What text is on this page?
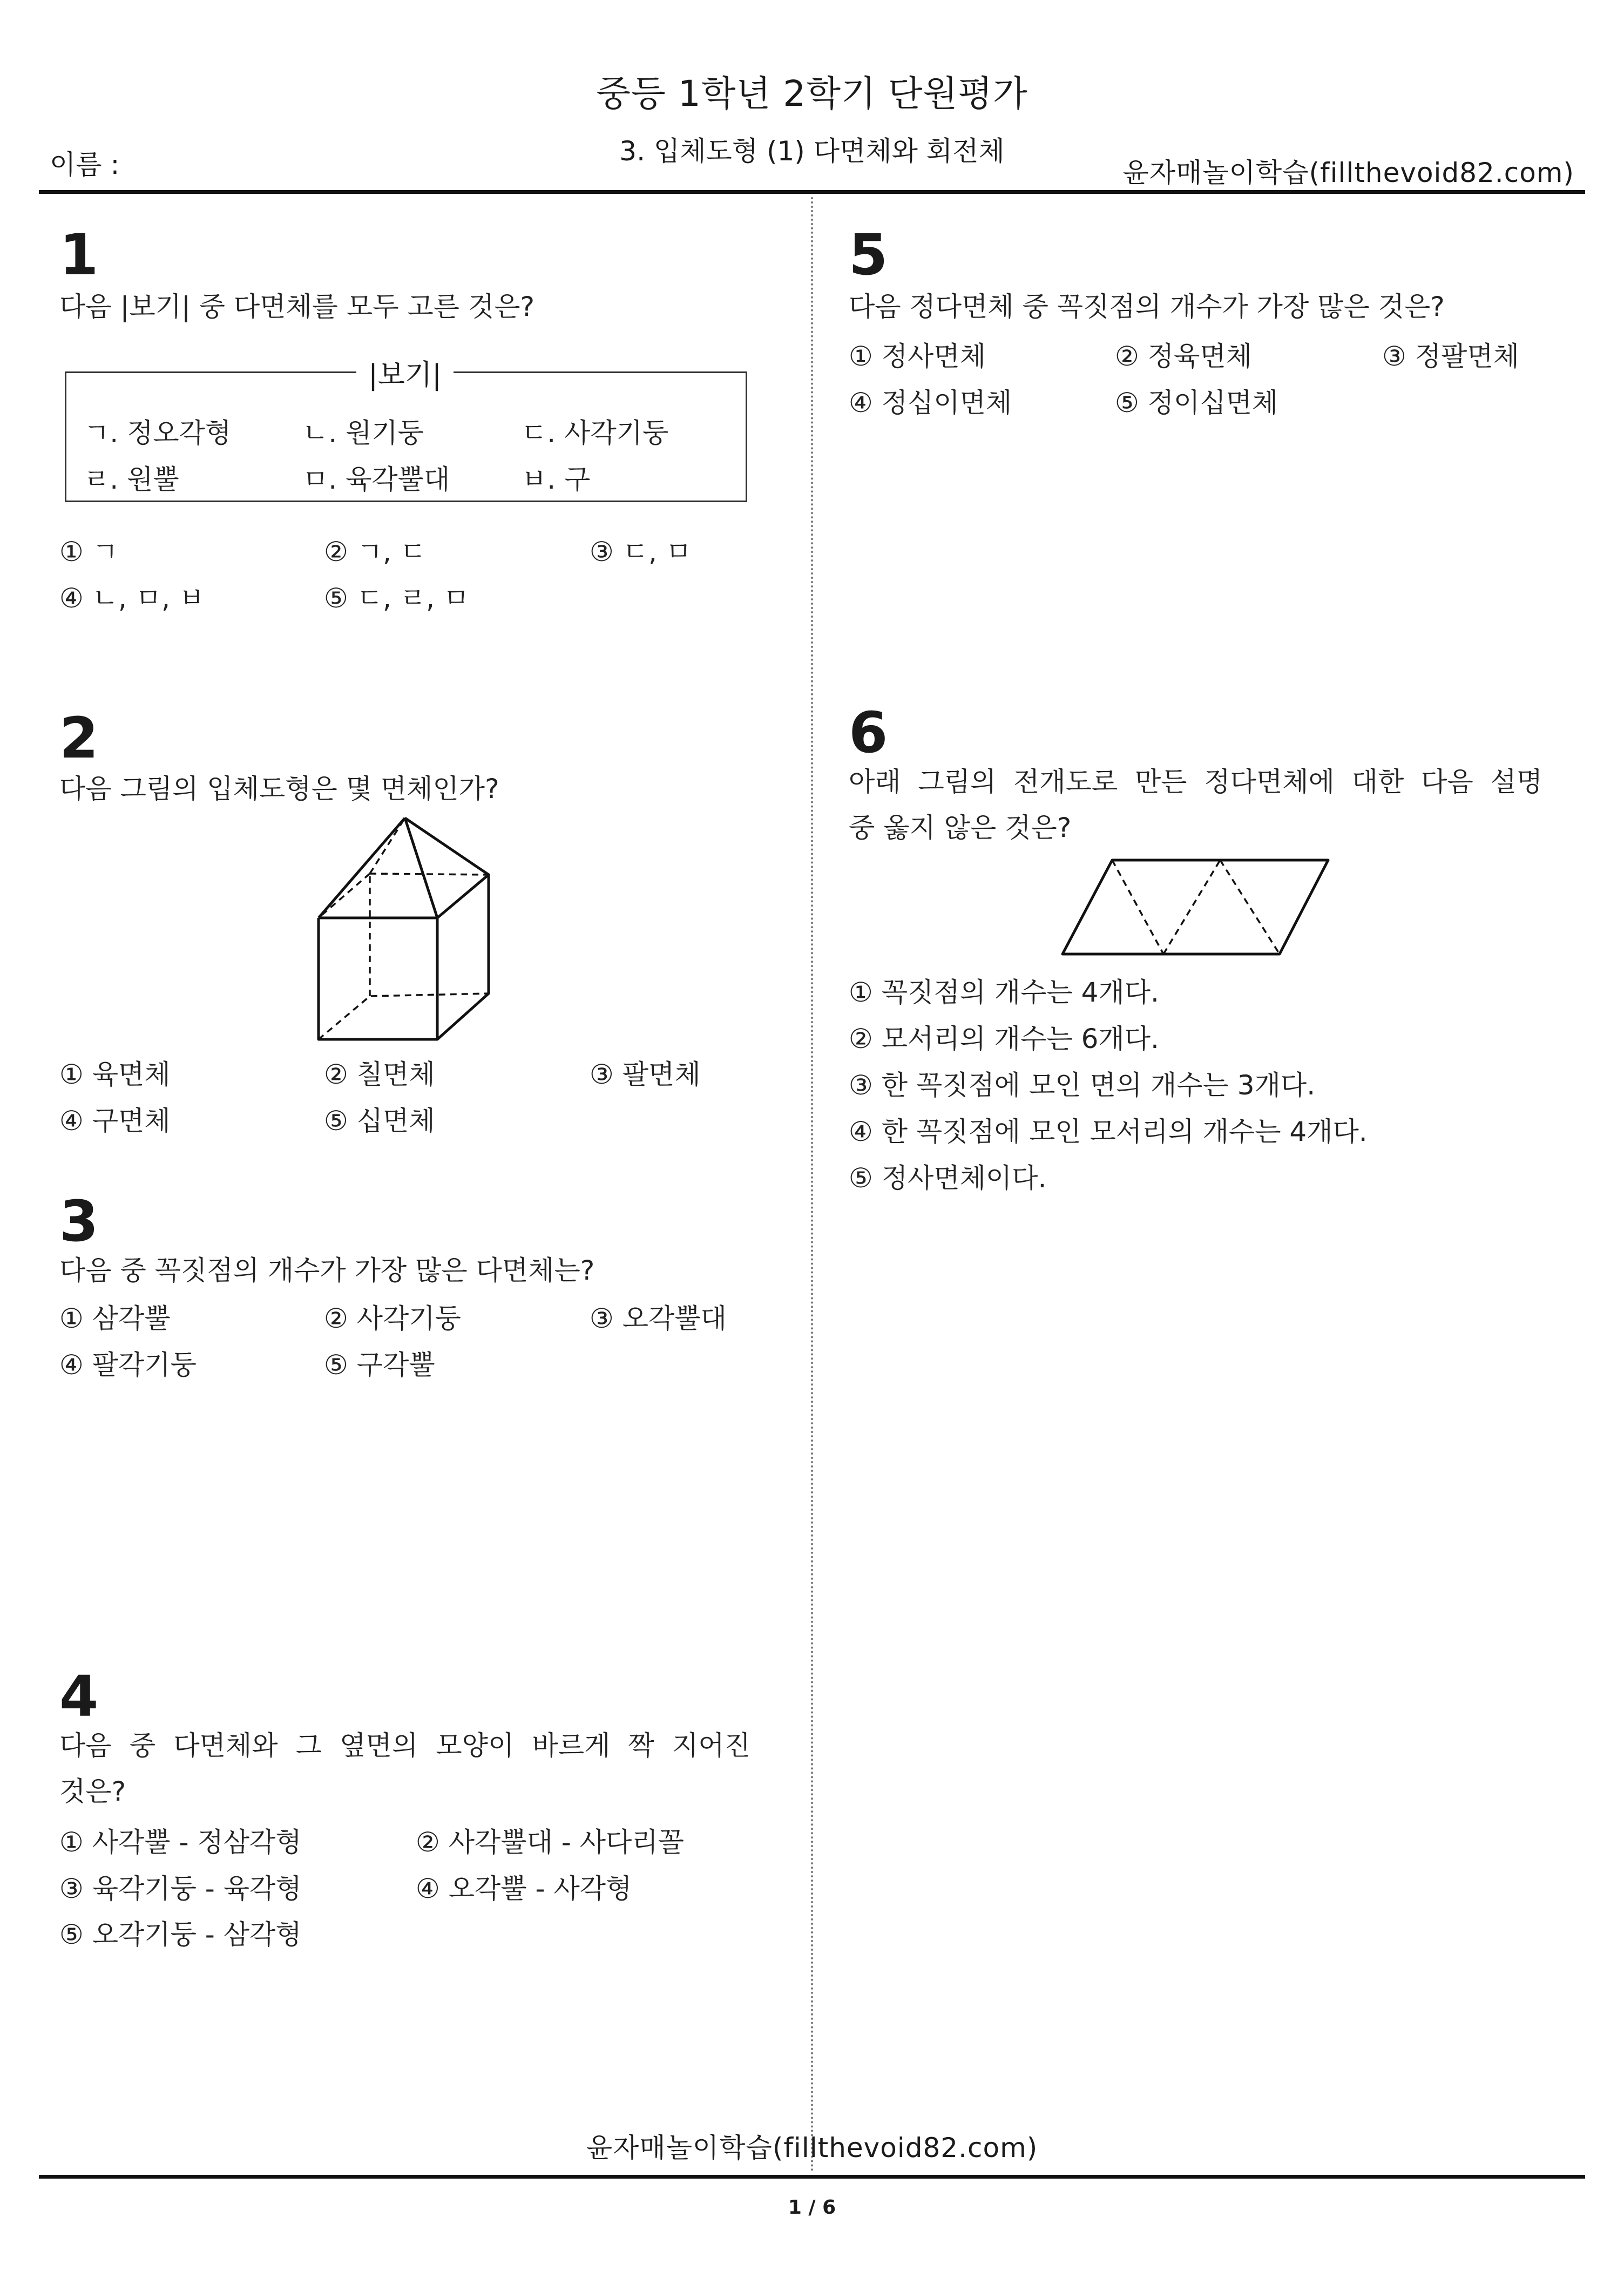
중등 1학년 2학기 단원평가
3. 입체도형 (1) 다면체와 회전체
이름 :	윤자매놀이학습(fillthevoid82.com)
1
다음 |보기| 중 다면체를 모두 고른 것은?
|보기|
ㄱ. 정오각형	ㄴ. 원기둥	ㄷ. 사각기둥
ㄹ. 원뿔	ㅁ. 육각뿔대	ㅂ. 구
① ㄱ	② ㄱ, ㄷ	③ ㄷ, ㅁ
④ ㄴ, ㅁ, ㅂ	⑤ ㄷ, ㄹ, ㅁ
2
다음 그림의 입체도형은 몇 면체인가?
① 육면체	② 칠면체	③ 팔면체
④ 구면체	⑤ 십면체
3
다음 중 꼭짓점의 개수가 가장 많은 다면체는?
① 삼각뿔	② 사각기둥	③ 오각뿔대
④ 팔각기둥	⑤ 구각뿔
4
다음 중 다면체와 그 옆면의 모양이 바르게 짝 지어진
것은?
① 사각뿔 - 정삼각형	② 사각뿔대 - 사다리꼴
③ 육각기둥 - 육각형	④ 오각뿔 - 사각형
⑤ 오각기둥 - 삼각형
5
다음 정다면체 중 꼭짓점의 개수가 가장 많은 것은?
① 정사면체	② 정육면체	③ 정팔면체
④ 정십이면체	⑤ 정이십면체
6
아래 그림의 전개도로 만든 정다면체에 대한 다음 설명
중 옳지 않은 것은?
① 꼭짓점의 개수는 4개다.
② 모서리의 개수는 6개다.
③ 한 꼭짓점에 모인 면의 개수는 3개다.
④ 한 꼭짓점에 모인 모서리의 개수는 4개다.
⑤ 정사면체이다.
윤자매놀이학습(fillthevoid82.com)
1 / 6
